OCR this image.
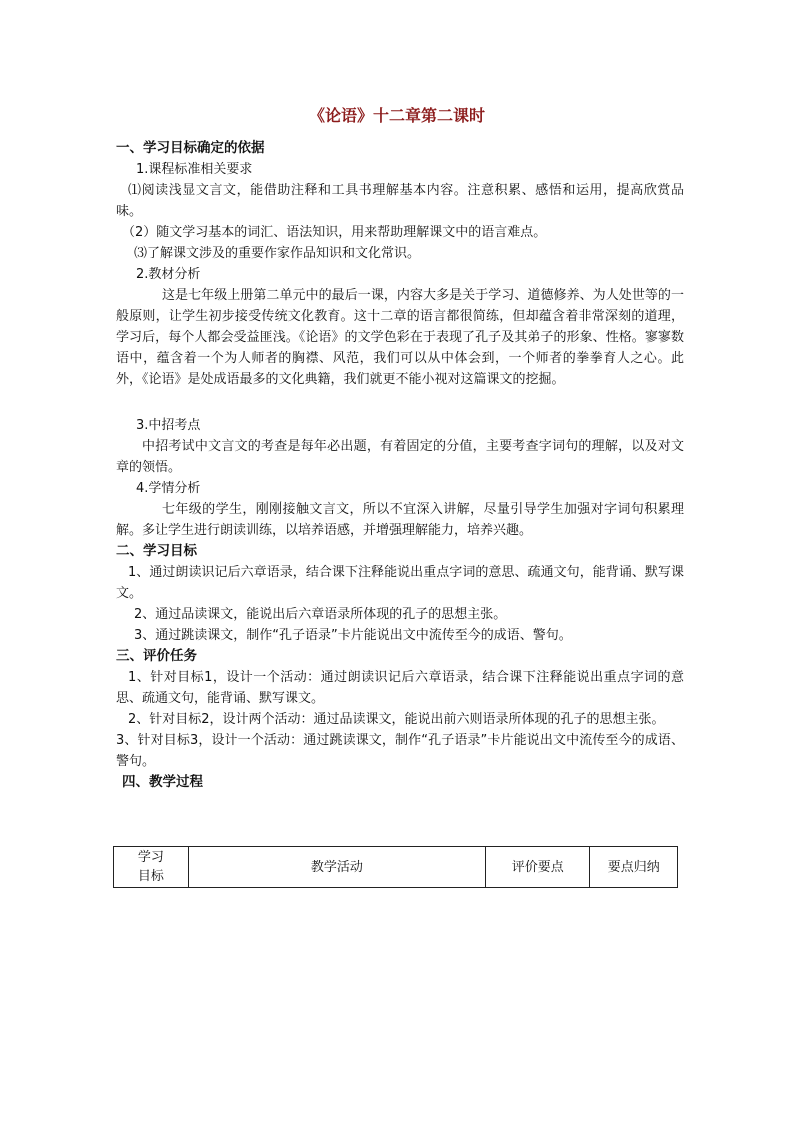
《论语》十二章第二课时
一、学习目标确定的依据
1.课程标准相关要求
⑴阅读浅显文言文，能借助注释和工具书理解基本内容。注意积累、感悟和运用，提高欣赏品味。
（2）随文学习基本的词汇、语法知识，用来帮助理解课文中的语言难点。
⑶了解课文涉及的重要作家作品知识和文化常识。
2.教材分析
这是七年级上册第二单元中的最后一课，内容大多是关于学习、道德修养、为人处世等的一般原则，让学生初步接受传统文化教育。这十二章的语言都很简练，但却蕴含着非常深刻的道理，学习后，每个人都会受益匪浅。《论语》的文学色彩在于表现了孔子及其弟子的形象、性格。寥寥数语中，蕴含着一个为人师者的胸襟、风范，我们可以从中体会到，一个师者的拳拳育人之心。此外，《论语》是处成语最多的文化典籍，我们就更不能小视对这篇课文的挖掘。
3.中招考点
中招考试中文言文的考查是每年必出题，有着固定的分值，主要考查字词句的理解，以及对文章的领悟。
4.学情分析
七年级的学生，刚刚接触文言文，所以不宜深入讲解，尽量引导学生加强对字词句积累理解。多让学生进行朗读训练，以培养语感，并增强理解能力，培养兴趣。
二、学习目标
1、通过朗读识记后六章语录，结合课下注释能说出重点字词的意思、疏通文句，能背诵、默写课文。
2、通过品读课文，能说出后六章语录所体现的孔子的思想主张。
3、通过跳读课文，制作“孔子语录”卡片能说出文中流传至今的成语、警句。
三、评价任务
1、针对目标1，设计一个活动：通过朗读识记后六章语录，结合课下注释能说出重点字词的意思、疏通文句，能背诵、默写课文。
2、针对目标2，设计两个活动：通过品读课文，能说出前六则语录所体现的孔子的思想主张。
3、针对目标3，设计一个活动：通过跳读课文，制作“孔子语录”卡片能说出文中流传至今的成语、警句。
四、教学过程
学习目标	教学活动	评价要点	要点归纳
